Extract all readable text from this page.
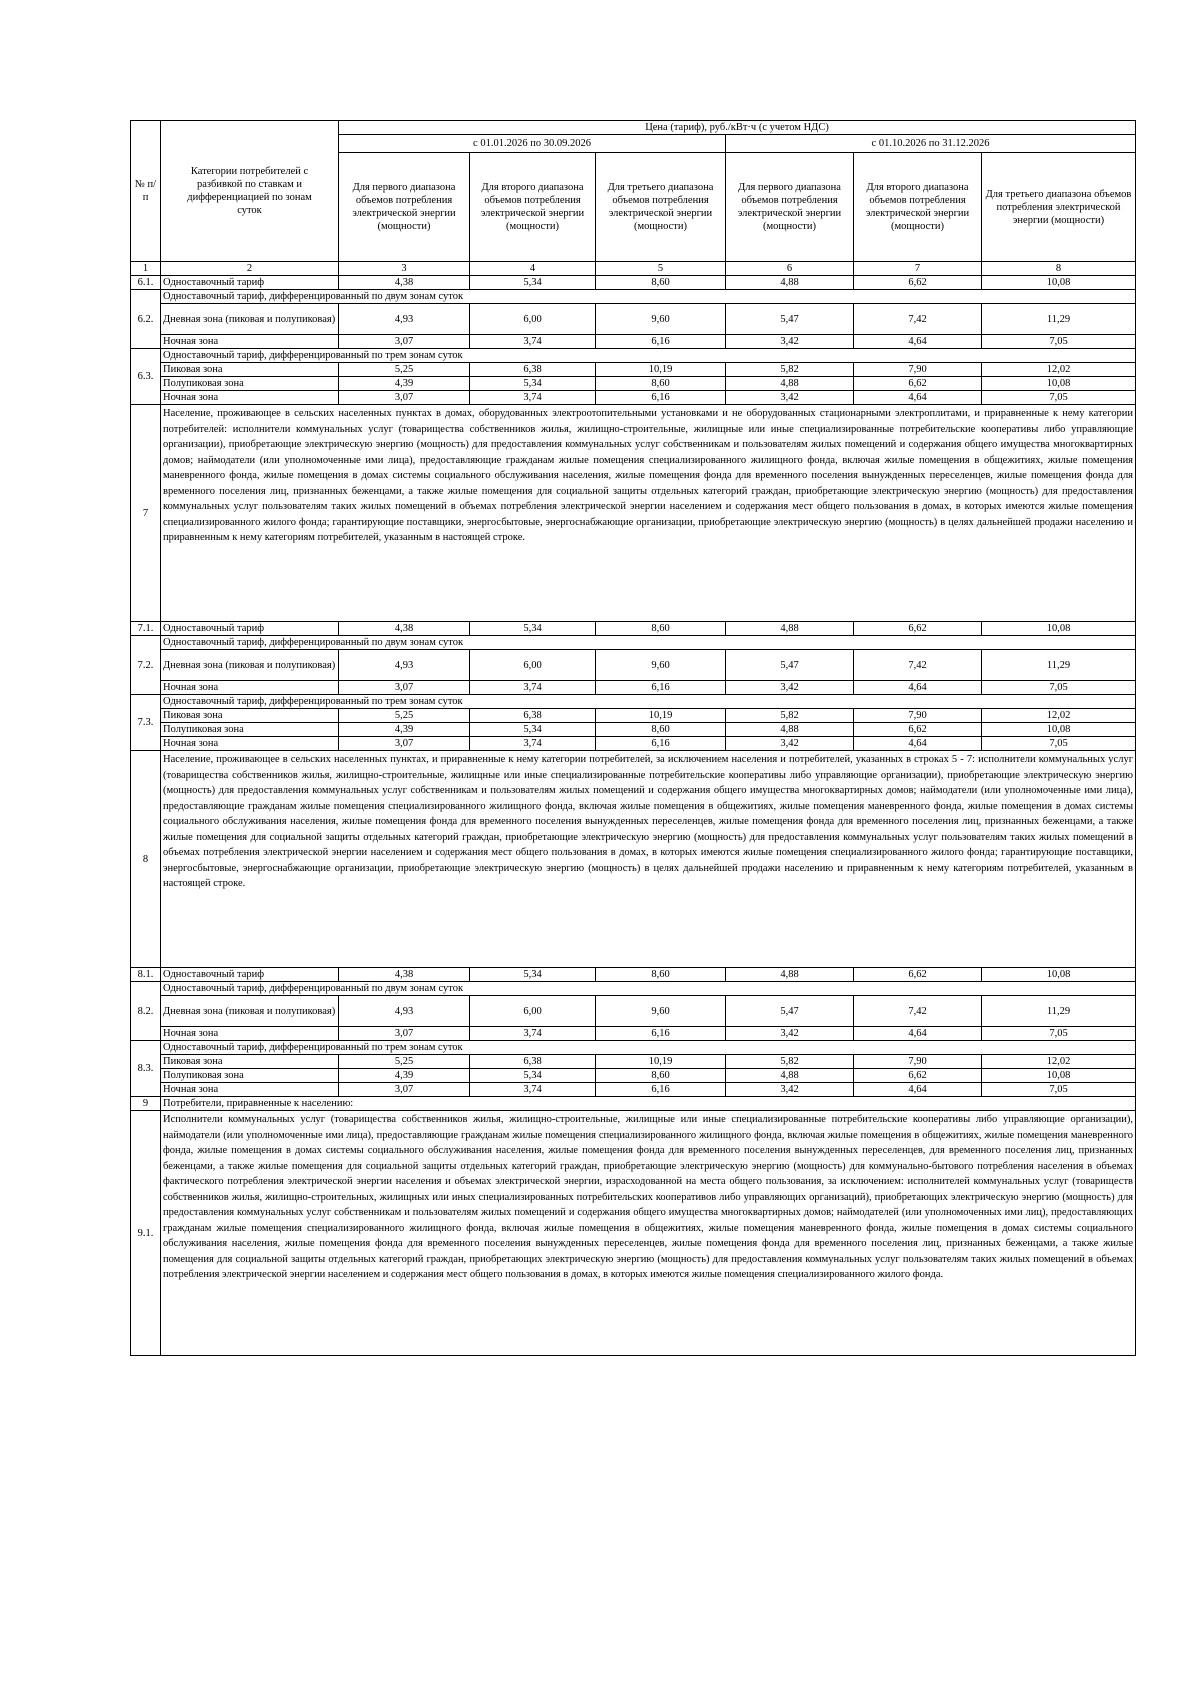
№ п/п	Категории потребителей с разбивкой по ставкам и дифференциацией по зонам суток	Цена (тариф), руб./кВт·ч (с учетом НДС)					
		с 01.01.2026 по 30.09.2026			с 01.10.2026 по 31.12.2026		
		Для первого диапазона объемов потребления электрической энергии (мощности)	Для второго диапазона объемов потребления электрической энергии (мощности)	Для третьего диапазона объемов потребления электрической энергии (мощности)	Для первого диапазона объемов потребления электрической энергии (мощности)	Для второго диапазона объемов потребления электрической энергии (мощности)	Для третьего диапазона объемов потребления электрической энергии (мощности)
1	2	3	4	5	6	7	8
6.1.	Одноставочный тариф	4,38	5,34	8,60	4,88	6,62	10,08
6.2.	Одноставочный тариф, дифференцированный по двум зонам суток						
	Дневная зона (пиковая и полупиковая)	4,93	6,00	9,60	5,47	7,42	11,29
	Ночная зона	3,07	3,74	6,16	3,42	4,64	7,05
6.3.	Одноставочный тариф, дифференцированный по трем зонам суток						
	Пиковая зона	5,25	6,38	10,19	5,82	7,90	12,02
	Полупиковая зона	4,39	5,34	8,60	4,88	6,62	10,08
	Ночная зона	3,07	3,74	6,16	3,42	4,64	7,05
7	Население, проживающее в сельских населенных пунктах в домах, оборудованных электроотопительными установками и не оборудованных стационарными электроплитами, и приравненные к нему категории потребителей: исполнители коммунальных услуг (товарищества собственников жилья, жилищно-строительные, жилищные или иные специализированные потребительские кооперативы либо управляющие организации), приобретающие электрическую энергию (мощность) для предоставления коммунальных услуг собственникам и пользователям жилых помещений и содержания общего имущества многоквартирных домов; наймодатели (или уполномоченные ими лица), предоставляющие гражданам жилые помещения специализированного жилищного фонда, включая жилые помещения в общежитиях, жилые помещения маневренного фонда, жилые помещения в домах системы социального обслуживания населения, жилые помещения фонда для временного поселения вынужденных переселенцев, жилые помещения фонда для временного поселения лиц, признанных беженцами, а также жилые помещения для социальной защиты отдельных категорий граждан, приобретающие электрическую энергию (мощность) для предоставления коммунальных услуг пользователям таких жилых помещений в объемах потребления электрической энергии населением и содержания мест общего пользования в домах, в которых имеются жилые помещения специализированного жилого фонда; гарантирующие поставщики, энергосбытовые, энергоснабжающие организации, приобретающие электрическую энергию (мощность) в целях дальнейшей продажи населению и приравненным к нему категориям потребителей, указанным в настоящей строке.						
7.1.	Одноставочный тариф	4,38	5,34	8,60	4,88	6,62	10,08
7.2.	Одноставочный тариф, дифференцированный по двум зонам суток						
	Дневная зона (пиковая и полупиковая)	4,93	6,00	9,60	5,47	7,42	11,29
	Ночная зона	3,07	3,74	6,16	3,42	4,64	7,05
7.3.	Одноставочный тариф, дифференцированный по трем зонам суток						
	Пиковая зона	5,25	6,38	10,19	5,82	7,90	12,02
	Полупиковая зона	4,39	5,34	8,60	4,88	6,62	10,08
	Ночная зона	3,07	3,74	6,16	3,42	4,64	7,05
8	Население, проживающее в сельских населенных пунктах, и приравненные к нему категории потребителей, за исключением населения и потребителей, указанных в строках 5 - 7: исполнители коммунальных услуг (товарищества собственников жилья, жилищно-строительные, жилищные или иные специализированные потребительские кооперативы либо управляющие организации), приобретающие электрическую энергию (мощность) для предоставления коммунальных услуг собственникам и пользователям жилых помещений и содержания общего имущества многоквартирных домов; наймодатели (или уполномоченные ими лица), предоставляющие гражданам жилые помещения специализированного жилищного фонда, включая жилые помещения в общежитиях, жилые помещения маневренного фонда, жилые помещения в домах системы социального обслуживания населения, жилые помещения фонда для временного поселения вынужденных переселенцев, жилые помещения фонда для временного поселения лиц, признанных беженцами, а также жилые помещения для социальной защиты отдельных категорий граждан, приобретающие электрическую энергию (мощность) для предоставления коммунальных услуг пользователям таких жилых помещений в объемах потребления электрической энергии населением и содержания мест общего пользования в домах, в которых имеются жилые помещения специализированного жилого фонда; гарантирующие поставщики, энергосбытовые, энергоснабжающие организации, приобретающие электрическую энергию (мощность) в целях дальнейшей продажи населению и приравненным к нему категориям потребителей, указанным в настоящей строке.						
8.1.	Одноставочный тариф	4,38	5,34	8,60	4,88	6,62	10,08
8.2.	Одноставочный тариф, дифференцированный по двум зонам суток						
	Дневная зона (пиковая и полупиковая)	4,93	6,00	9,60	5,47	7,42	11,29
	Ночная зона	3,07	3,74	6,16	3,42	4,64	7,05
8.3.	Одноставочный тариф, дифференцированный по трем зонам суток						
	Пиковая зона	5,25	6,38	10,19	5,82	7,90	12,02
	Полупиковая зона	4,39	5,34	8,60	4,88	6,62	10,08
	Ночная зона	3,07	3,74	6,16	3,42	4,64	7,05
9	Потребители, приравненные к населению:						
9.1.	Исполнители коммунальных услуг (товарищества собственников жилья, жилищно-строительные, жилищные или иные специализированные потребительские кооперативы либо управляющие организации), наймодатели (или уполномоченные ими лица), предоставляющие гражданам жилые помещения специализированного жилищного фонда, включая жилые помещения в общежитиях, жилые помещения маневренного фонда, жилые помещения в домах системы социального обслуживания населения, жилые помещения фонда для временного поселения вынужденных переселенцев, для временного поселения лиц, признанных беженцами, а также жилые помещения для социальной защиты отдельных категорий граждан, приобретающие электрическую энергию (мощность) для коммунально-бытового потребления населения в объемах фактического потребления электрической энергии населения и объемах электрической энергии, израсходованной на места общего пользования, за исключением: исполнителей коммунальных услуг (товариществ собственников жилья, жилищно-строительных, жилищных или иных специализированных потребительских кооперативов либо управляющих организаций), приобретающих электрическую энергию (мощность) для предоставления коммунальных услуг собственникам и пользователям жилых помещений и содержания общего имущества многоквартирных домов; наймодателей (или уполномоченных ими лиц), предоставляющих гражданам жилые помещения специализированного жилищного фонда, включая жилые помещения в общежитиях, жилые помещения маневренного фонда, жилые помещения в домах системы социального обслуживания населения, жилые помещения фонда для временного поселения вынужденных переселенцев, жилые помещения фонда для временного поселения лиц, признанных беженцами, а также жилые помещения для социальной защиты отдельных категорий граждан, приобретающих электрическую энергию (мощность) для предоставления коммунальных услуг пользователям таких жилых помещений в объемах потребления электрической энергии населением и содержания мест общего пользования в домах, в которых имеются жилые помещения специализированного жилого фонда.						
